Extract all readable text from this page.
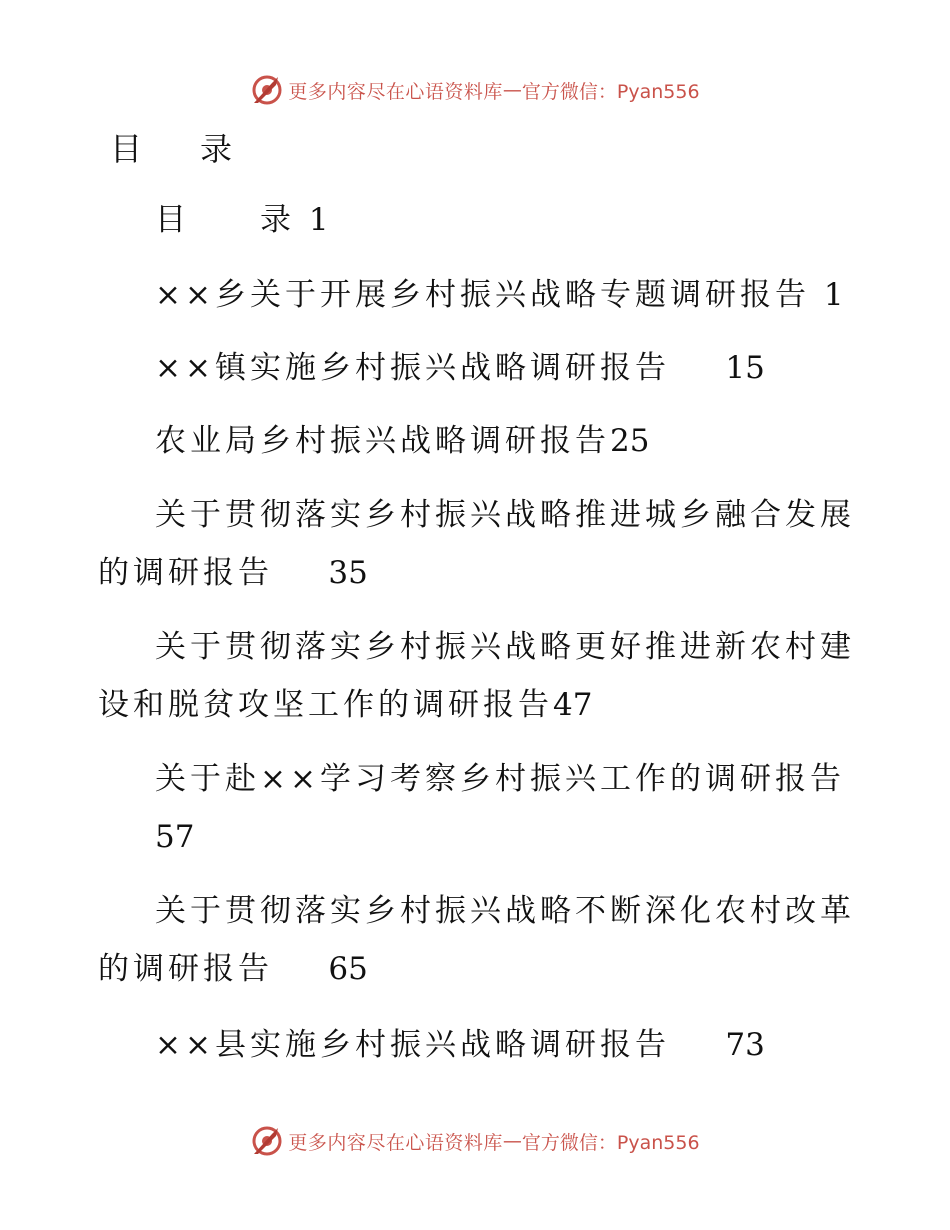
更多内容尽在心语资料库 — 官方微信：Pyan556
目 录
目　　录 1
××乡关于开展乡村振兴战略专题调研报告 1
××镇实施乡村振兴战略调研报告 15
农业局乡村振兴战略调研报告25
关于贯彻落实乡村振兴战略推进城乡融合发展
的调研报告 35
关于贯彻落实乡村振兴战略更好推进新农村建
设和脱贫攻坚工作的调研报告47
关于赴××学习考察乡村振兴工作的调研报告
57
关于贯彻落实乡村振兴战略不断深化农村改革
的调研报告 65
××县实施乡村振兴战略调研报告 73
更多内容尽在心语资料库 — 官方微信：Pyan556
